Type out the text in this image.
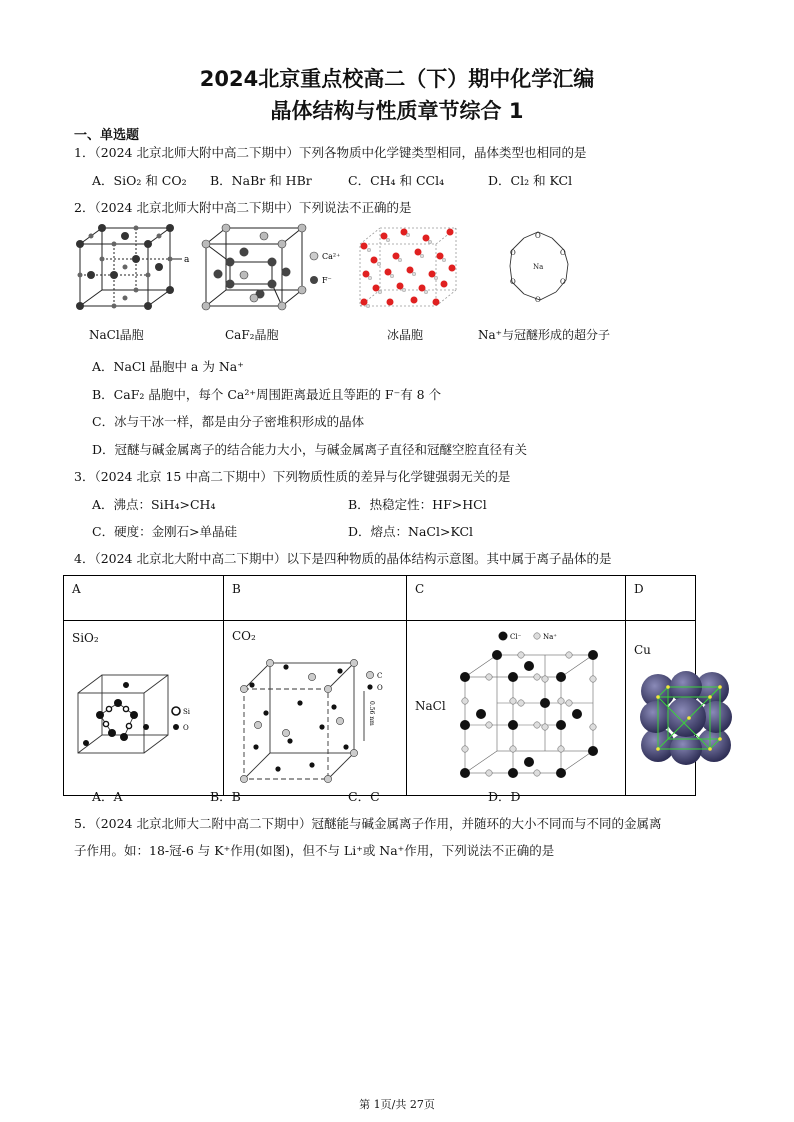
2024北京重点校高二（下）期中化学汇编
晶体结构与性质章节综合 1
一、单选题
1．（2024 北京北师大附中高二下期中）下列各物质中化学键类型相同，晶体类型也相同的是
A．SiO₂ 和 CO₂ B．NaBr 和 HBr	C．CH₄ 和 CCl₄	D．Cl₂ 和 KCl
2．（2024 北京北师大附中高二下期中）下列说法不正确的是
a	Ca²⁺
F⁻
O
O
O
O
O
O
Na
NaCl晶胞	CaF₂晶胞	冰晶胞	Na⁺与冠醚形成的超分子
A．NaCl 晶胞中 a 为 Na⁺
B．CaF₂ 晶胞中，每个 Ca²⁺周围距离最近且等距的 F⁻有 8 个
C．冰与干冰一样，都是由分子密堆积形成的晶体
D．冠醚与碱金属离子的结合能力大小，与碱金属离子直径和冠醚空腔直径有关
3．（2024 北京 15 中高二下期中）下列物质性质的差异与化学键强弱无关的是
A．沸点：SiH₄>CH₄	B．热稳定性：HF>HCl
C．硬度：金刚石>单晶硅	D．熔点：NaCl>KCl
4．（2024 北京北大附中高二下期中）以下是四种物质的晶体结构示意图。其中属于离子晶体的是
A	B	C	D

SiO₂
Si
O	CO₂
C
O
0.56 nm	NaCl
Cl⁻ Na⁺	Cu
A．A	B．B	C．C	D．D
5．（2024 北京北师大二附中高二下期中）冠醚能与碱金属离子作用，并随环的大小不同而与不同的金属离
子作用。如：18-冠-6 与 K⁺作用(如图)，但不与 Li⁺或 Na⁺作用，下列说法不正确的是
第 1页/共 27页
